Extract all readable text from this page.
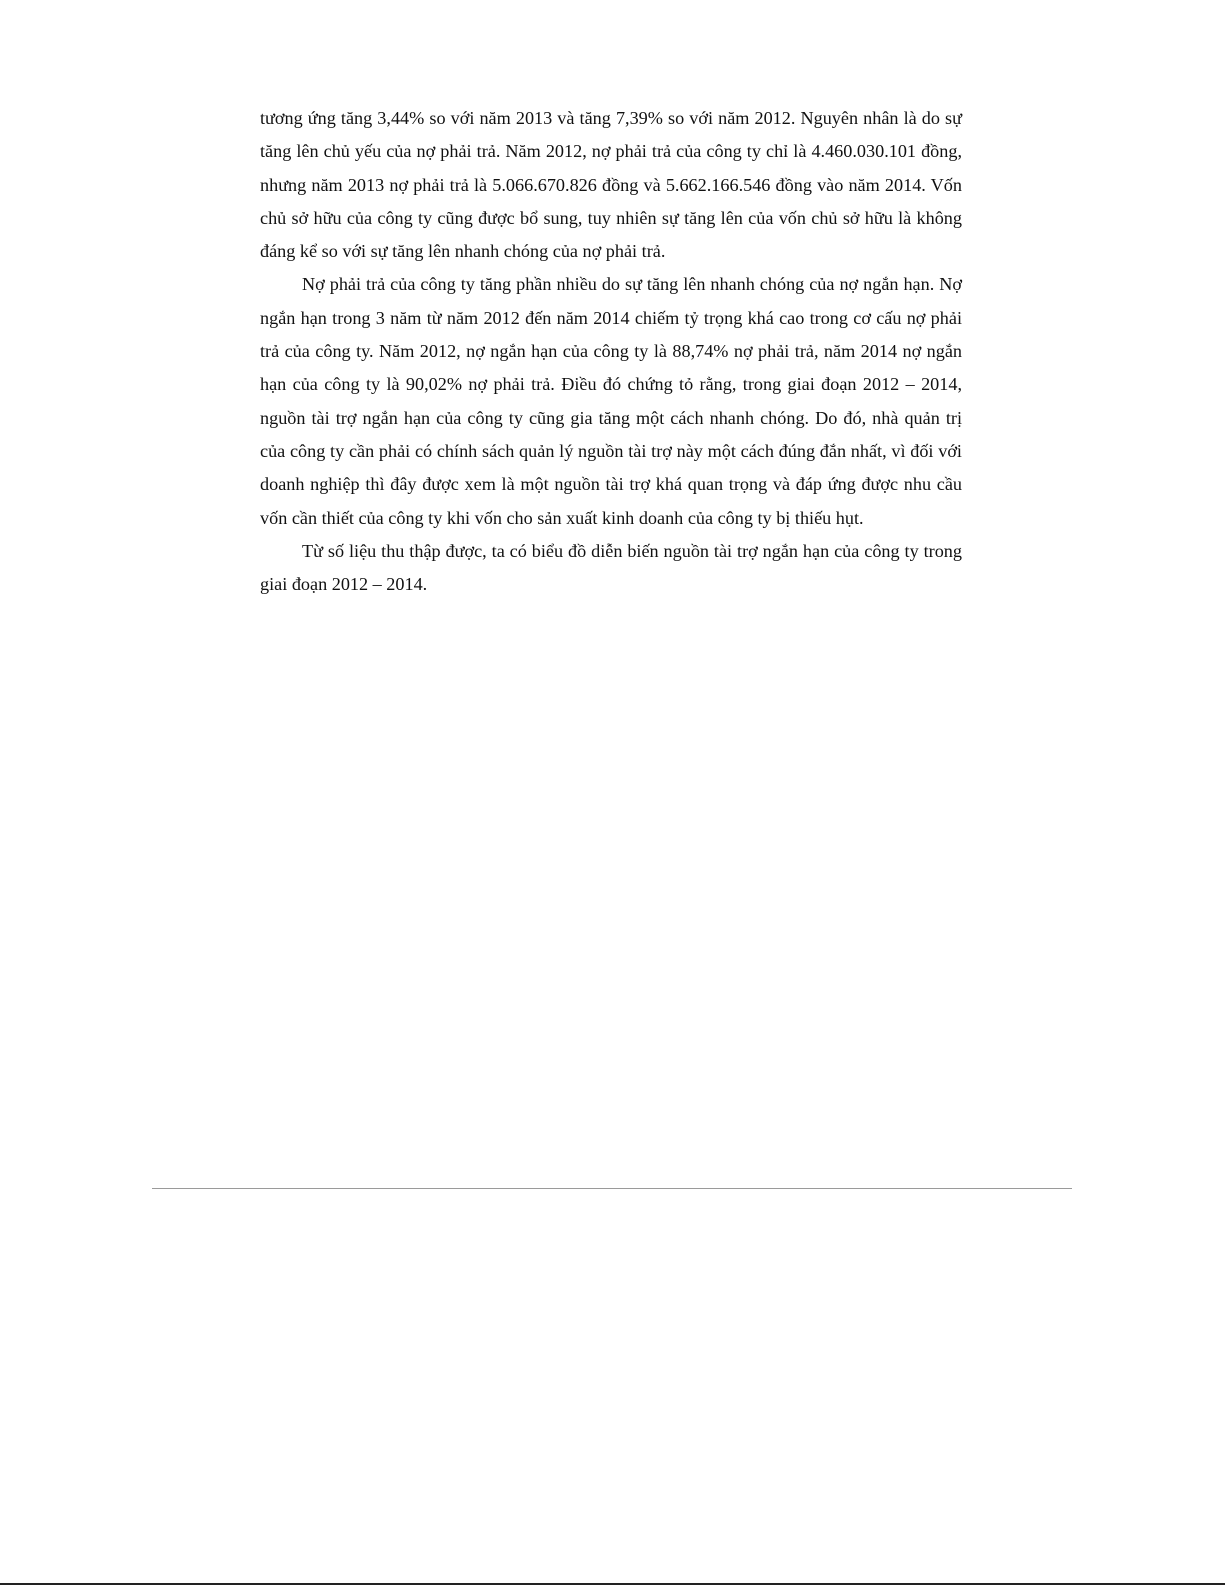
tương ứng tăng 3,44% so với năm 2013 và tăng 7,39% so với năm 2012. Nguyên nhân là do sự tăng lên chủ yếu của nợ phải trả. Năm 2012, nợ phải trả của công ty chỉ là 4.460.030.101 đồng, nhưng năm 2013 nợ phải trả là 5.066.670.826 đồng và 5.662.166.546 đồng vào năm 2014. Vốn chủ sở hữu của công ty cũng được bổ sung, tuy nhiên sự tăng lên của vốn chủ sở hữu là không đáng kể so với sự tăng lên nhanh chóng của nợ phải trả.

Nợ phải trả của công ty tăng phần nhiều do sự tăng lên nhanh chóng của nợ ngắn hạn. Nợ ngắn hạn trong 3 năm từ năm 2012 đến năm 2014 chiếm tỷ trọng khá cao trong cơ cấu nợ phải trả của công ty. Năm 2012, nợ ngắn hạn của công ty là 88,74% nợ phải trả, năm 2014 nợ ngắn hạn của công ty là 90,02% nợ phải trả. Điều đó chứng tỏ rằng, trong giai đoạn 2012 – 2014, nguồn tài trợ ngắn hạn của công ty cũng gia tăng một cách nhanh chóng. Do đó, nhà quản trị của công ty cần phải có chính sách quản lý nguồn tài trợ này một cách đúng đắn nhất, vì đối với doanh nghiệp thì đây được xem là một nguồn tài trợ khá quan trọng và đáp ứng được nhu cầu vốn cần thiết của công ty khi vốn cho sản xuất kinh doanh của công ty bị thiếu hụt.

Từ số liệu thu thập được, ta có biểu đồ diễn biến nguồn tài trợ ngắn hạn của công ty trong giai đoạn 2012 – 2014.
